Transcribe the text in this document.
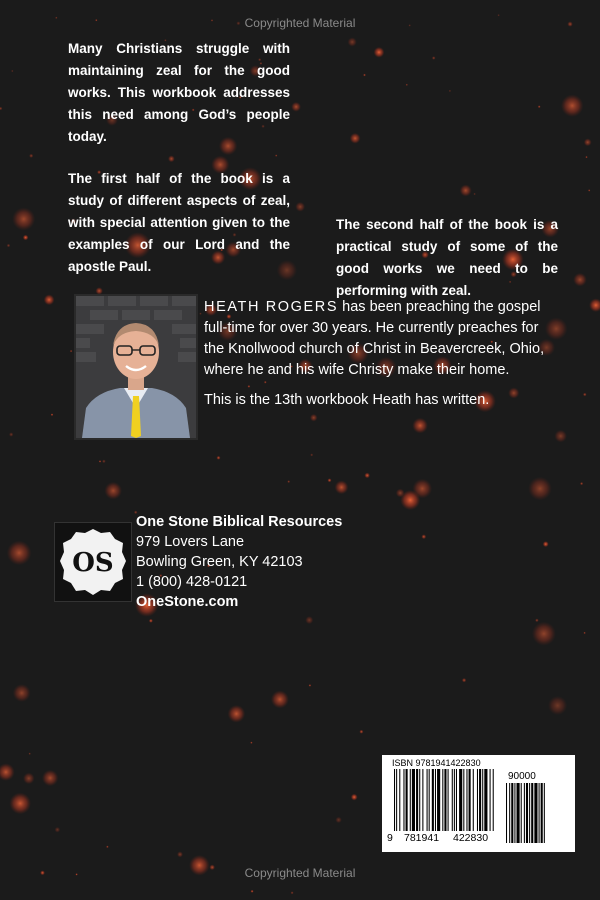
Copyrighted Material

Many Christians struggle with maintaining zeal for the good works. This workbook addresses this need among God’s people today.

The first half of the book is a study of different aspects of zeal, with special attention given to the examples of our Lord and the apostle Paul.

The second half of the book is a practical study of some of the good works we need to be performing with zeal.

HEATH ROGERS has been preaching the gospel full-time for over 30 years. He currently preaches for the Knollwood church of Christ in Beavercreek, Ohio, where he and his wife Christy make their home.

This is the 13th workbook Heath has written.

OS
One Stone Biblical Resources
979 Lovers Lane
Bowling Green, KY 42103
1 (800) 428-0121
OneStone.com
ISBN 9781941422830
90000
9 781941 422830
Copyrighted Material
